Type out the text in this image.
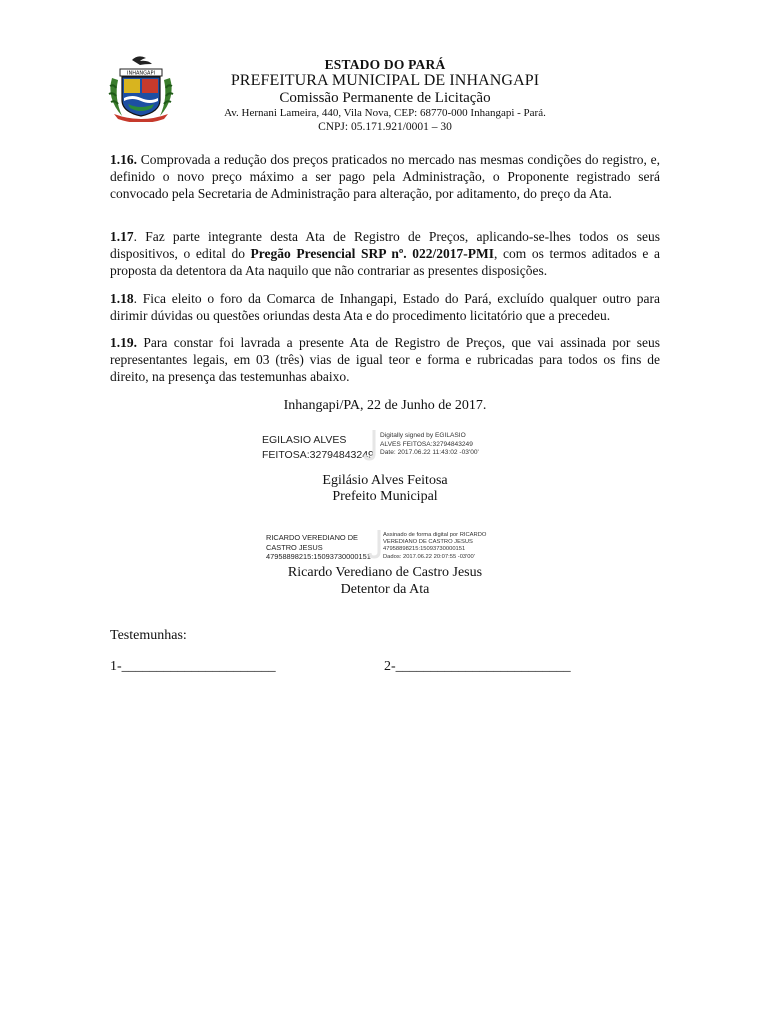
INHANGAPI
ESTADO DO PARÁ
PREFEITURA MUNICIPAL DE INHANGAPI
Comissão Permanente de Licitação
Av. Hernani Lameira, 440, Vila Nova, CEP: 68770-000 Inhangapi - Pará.
CNPJ: 05.171.921/0001 – 30

1.16. Comprovada a redução dos preços praticados no mercado nas mesmas condições do registro, e, definido o novo preço máximo a ser pago pela Administração, o Proponente registrado será convocado pela Secretaria de Administração para alteração, por aditamento, do preço da Ata.

1.17. Faz parte integrante desta Ata de Registro de Preços, aplicando-se-lhes todos os seus dispositivos, o edital do Pregão Presencial SRP nº. 022/2017-PMI, com os termos aditados e a proposta da detentora da Ata naquilo que não contrariar as presentes disposições.

1.18. Fica eleito o foro da Comarca de Inhangapi, Estado do Pará, excluído qualquer outro para dirimir dúvidas ou questões oriundas desta Ata e do procedimento licitatório que a precedeu.

1.19. Para constar foi lavrada a presente Ata de Registro de Preços, que vai assinada por seus representantes legais, em 03 (três) vias de igual teor e forma e rubricadas para todos os fins de direito, na presença das testemunhas abaixo.

Inhangapi/PA, 22 de Junho de 2017.
EGILASIO ALVES
FEITOSA:32794843249
Digitally signed by EGILASIO
ALVES FEITOSA:32794843249
Date: 2017.06.22 11:43:02 -03'00'
Egilásio Alves Feitosa
Prefeito Municipal
RICARDO VEREDIANO DE
CASTRO JESUS
47958898215:15093730000151
Assinado de forma digital por RICARDO
VEREDIANO DE CASTRO JESUS
47958898215:15093730000151
Dados: 2017.06.22 20:07:55 -03'00'
Ricardo Verediano de Castro Jesus
Detentor da Ata
Testemunhas:
1-______________________	2-_________________________
